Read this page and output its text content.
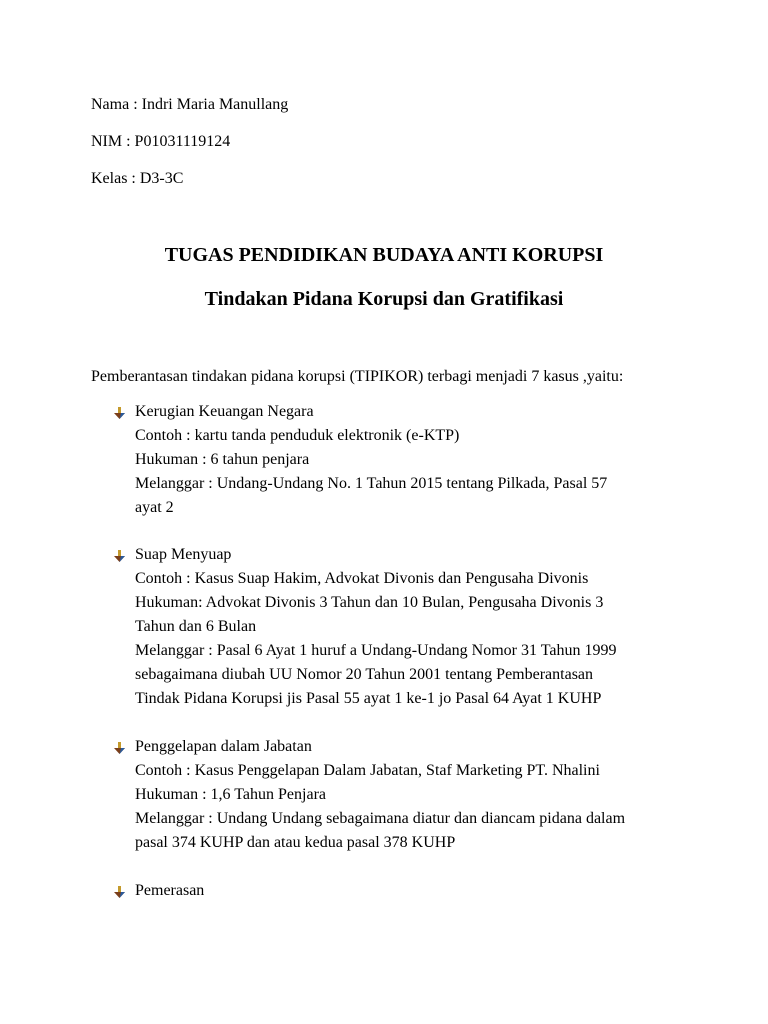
Nama : Indri Maria Manullang
NIM : P01031119124
Kelas : D3-3C
TUGAS PENDIDIKAN BUDAYA ANTI KORUPSI
Tindakan Pidana Korupsi dan Gratifikasi
Pemberantasan tindakan pidana korupsi (TIPIKOR) terbagi menjadi 7 kasus ,yaitu:
Kerugian Keuangan Negara
Contoh : kartu tanda penduduk elektronik (e-KTP)
Hukuman : 6 tahun penjara
Melanggar : Undang-Undang No. 1 Tahun 2015 tentang Pilkada, Pasal 57
ayat 2
Suap Menyuap
Contoh : Kasus Suap Hakim, Advokat Divonis dan Pengusaha Divonis
Hukuman: Advokat Divonis 3 Tahun dan 10 Bulan, Pengusaha Divonis 3
Tahun dan 6 Bulan
Melanggar : Pasal 6 Ayat 1 huruf a Undang-Undang Nomor 31 Tahun 1999
sebagaimana diubah UU Nomor 20 Tahun 2001 tentang Pemberantasan
Tindak Pidana Korupsi jis Pasal 55 ayat 1 ke-1 jo Pasal 64 Ayat 1 KUHP
Penggelapan dalam Jabatan
Contoh : Kasus Penggelapan Dalam Jabatan, Staf Marketing PT. Nhalini
Hukuman : 1,6 Tahun Penjara
Melanggar : Undang Undang sebagaimana diatur dan diancam pidana dalam
pasal 374 KUHP dan atau kedua pasal 378 KUHP
Pemerasan
